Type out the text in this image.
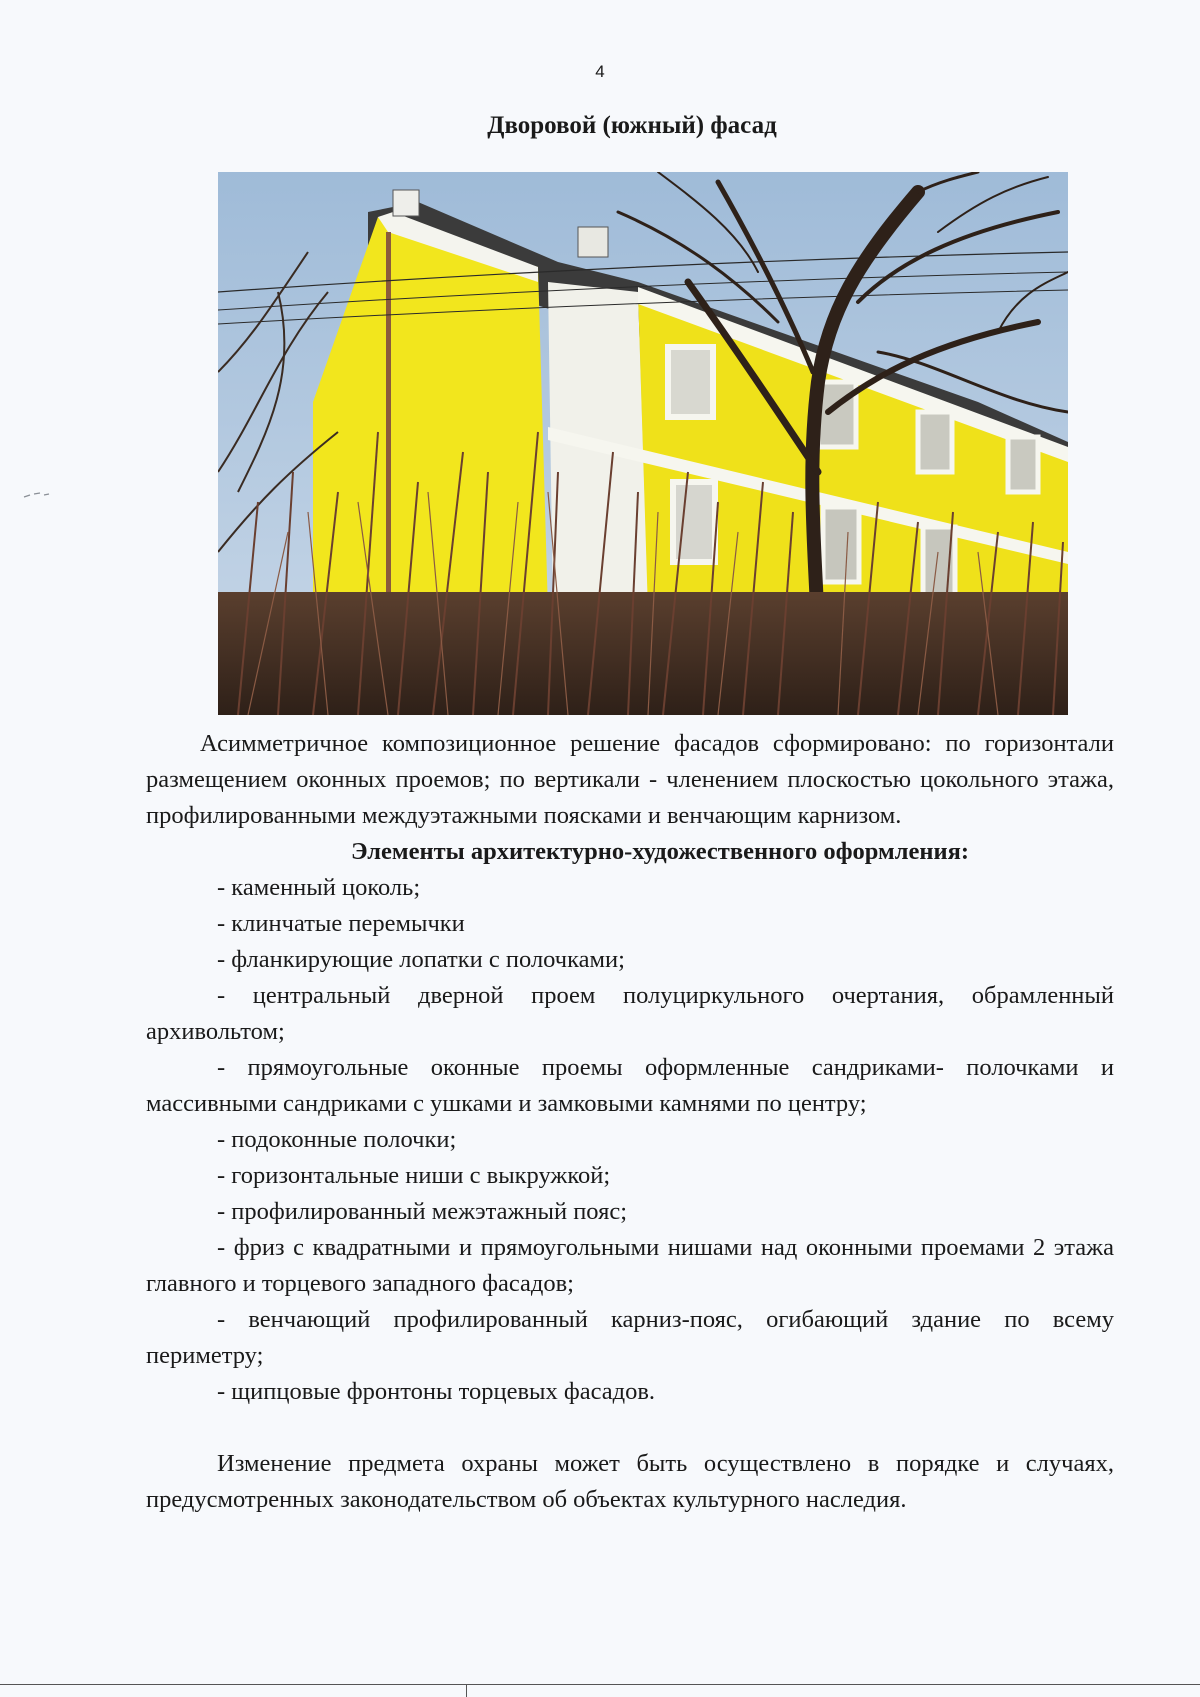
4
Дворовой (южный) фасад

Асимметричное композиционное решение фасадов сформировано: по горизонтали размещением оконных проемов; по вертикали - членением плоскостью цокольного этажа, профилированными междуэтажными поясками и венчающим карнизом.

Элементы архитектурно-художественного оформления:

- каменный цоколь;

- клинчатые перемычки

- фланкирующие лопатки с полочками;

- центральный дверной проем полуциркульного очертания, обрамленный архивольтом;

- прямоугольные оконные проемы оформленные сандриками- полочками и массивными сандриками с ушками и замковыми камнями по центру;

- подоконные полочки;

- горизонтальные ниши с выкружкой;

- профилированный межэтажный пояс;

- фриз с квадратными и прямоугольными нишами над оконными проемами 2 этажа главного и торцевого западного фасадов;

- венчающий профилированный карниз-пояс, огибающий здание по всему периметру;

- щипцовые фронтоны торцевых фасадов.

Изменение предмета охраны может быть осуществлено в порядке и случаях, предусмотренных законодательством об объектах культурного наследия.
